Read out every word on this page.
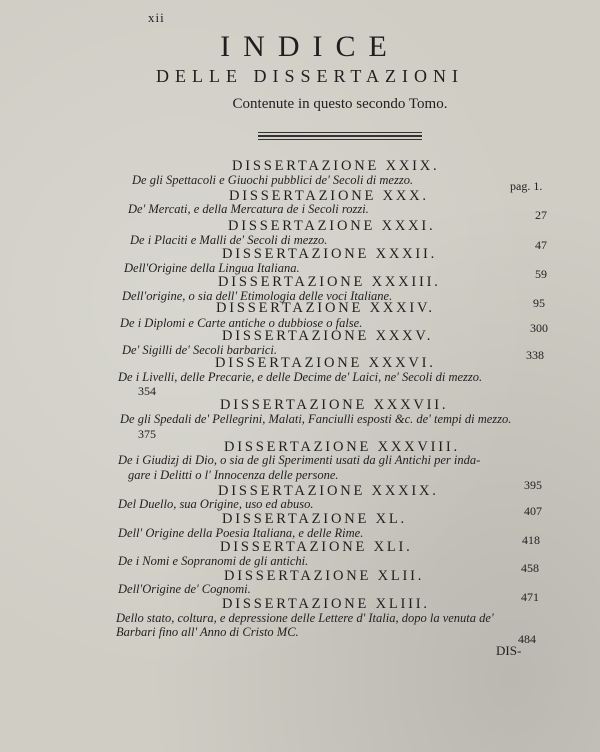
xii
INDICE
DELLE DISSERTAZIONI
Contenute in questo secondo Tomo.
DISSERTAZIONE XXIX.
De gli Spettacoli e Giuochi pubblici de' Secoli di mezzo.	pag. 1.
DISSERTAZIONE XXX.
De' Mercati, e della Mercatura de i Secoli rozzi.	27
DISSERTAZIONE XXXI.
De i Placiti e Malli de' Secoli di mezzo.	47
DISSERTAZIONE XXXII.
Dell'Origine della Lingua Italiana.	59
DISSERTAZIONE XXXIII.
Dell'origine, o sia dell' Etimologia delle voci Italiane.	95
DISSERTAZIONE XXXIV.
De i Diplomi e Carte antiche o dubbiose o false.	300
DISSERTAZIONE XXXV.
De' Sigilli de' Secoli barbarici.	338
DISSERTAZIONE XXXVI.
De i Livelli, delle Precarie, e delle Decime de' Laici, ne' Secoli di mezzo.
354
DISSERTAZIONE XXXVII.
De gli Spedali de' Pellegrini, Malati, Fanciulli esposti &c. de' tempi di mezzo.
375
DISSERTAZIONE XXXVIII.
De i Giudizj di Dio, o sia de gli Sperimenti usati da gli Antichi per inda-
gare i Delitti o l' Innocenza delle persone.
395
DISSERTAZIONE XXXIX.
Del Duello, sua Origine, uso ed abuso.	407
DISSERTAZIONE XL.
Dell' Origine della Poesia Italiana, e delle Rime.	418
DISSERTAZIONE XLI.
De i Nomi e Sopranomi de gli antichi.	458
DISSERTAZIONE XLII.
Dell'Origine de' Cognomi.
471
DISSERTAZIONE XLIII.
Dello stato, coltura, e depressione delle Lettere d' Italia, dopo la venuta de'
Barbari fino all' Anno di Cristo MC.	484
DIS-
